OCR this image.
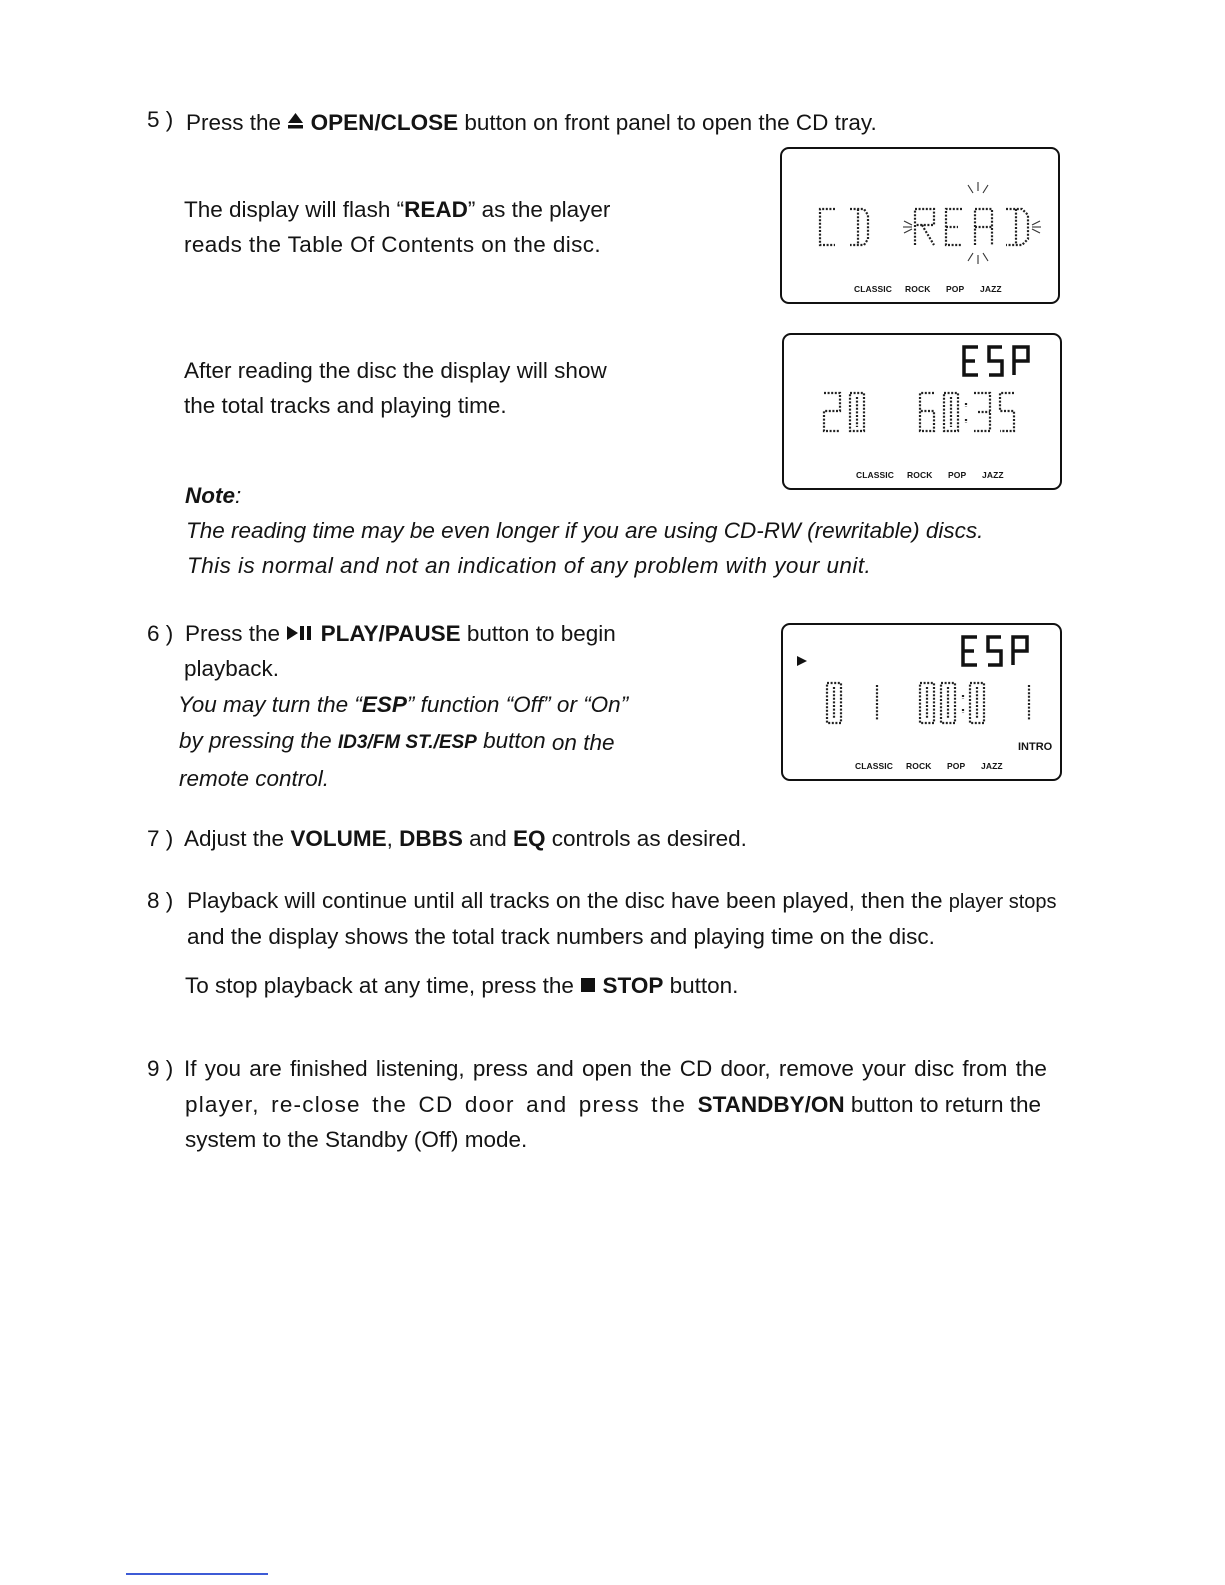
5 ) Press the OPEN/CLOSE button on front panel to open the CD tray.
The display will flash “READ” as the player
reads the Table Of Contents on the disc.
After reading the disc the display will show
the total tracks and playing time.
Note:
The reading time may be even longer if you are using CD-RW (rewritable) discs.
This is normal and not an indication of any problem with your unit.
CLASSIC ROCK POP JAZZ
CLASSIC ROCK POP JAZZ
6 ) Press the PLAY/PAUSE button to begin
playback.
You may turn the “ESP” function “Off” or “On”
by pressing the ID3/FM ST./ESP button on the
remote control.
INTRO
CLASSIC ROCK POP JAZZ
7 ) Adjust the VOLUME, DBBS and EQ controls as desired.
8 ) Playback will continue until all tracks on the disc have been played, then the player stops
and the display shows the total track numbers and playing time on the disc.
To stop playback at any time, press the STOP button.
9 ) If you are finished listening, press and open the CD door, remove your disc from the
player, re-close the CD door and press the STANDBY/ON button to return the
system to the Standby (Off) mode.
